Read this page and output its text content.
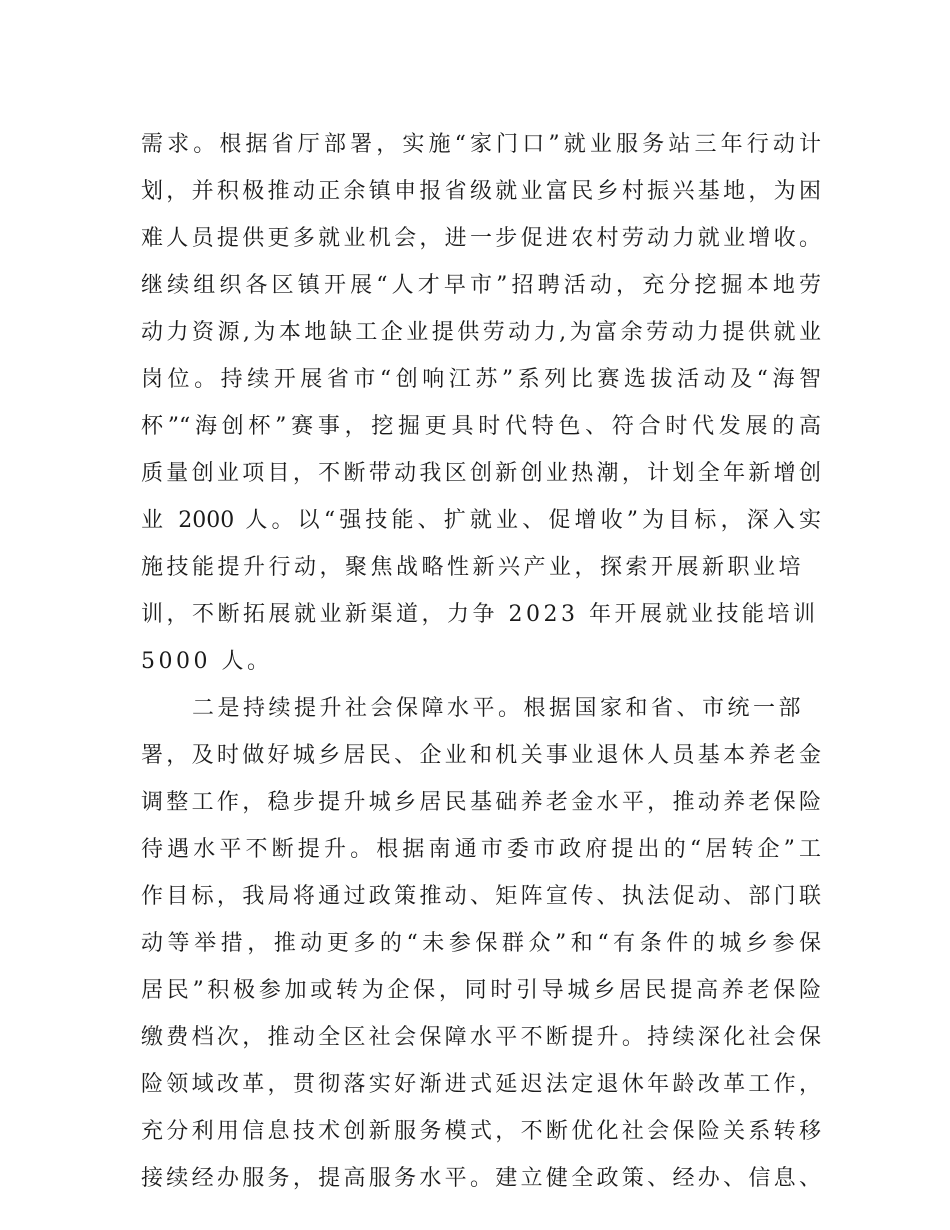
需求。根据省厅部署，实施“家门口”就业服务站三年行动计
划，并积极推动正余镇申报省级就业富民乡村振兴基地，为困
难人员提供更多就业机会，进一步促进农村劳动力就业增收。
继续组织各区镇开展“人才早市”招聘活动，充分挖掘本地劳
动力资源,为本地缺工企业提供劳动力,为富余劳动力提供就业
岗位。持续开展省市“创响江苏”系列比赛选拔活动及“海智
杯”“海创杯”赛事，挖掘更具时代特色、符合时代发展的高
质量创业项目，不断带动我区创新创业热潮，计划全年新增创
业 2000 人。以“强技能、扩就业、促增收”为目标，深入实
施技能提升行动，聚焦战略性新兴产业，探索开展新职业培
训，不断拓展就业新渠道，力争 2023 年开展就业技能培训
5000 人。
二是持续提升社会保障水平。根据国家和省、市统一部
署，及时做好城乡居民、企业和机关事业退休人员基本养老金
调整工作，稳步提升城乡居民基础养老金水平，推动养老保险
待遇水平不断提升。根据南通市委市政府提出的“居转企”工
作目标，我局将通过政策推动、矩阵宣传、执法促动、部门联
动等举措，推动更多的“未参保群众”和“有条件的城乡参保
居民”积极参加或转为企保，同时引导城乡居民提高养老保险
缴费档次，推动全区社会保障水平不断提升。持续深化社会保
险领域改革，贯彻落实好渐进式延迟法定退休年龄改革工作，
充分利用信息技术创新服务模式，不断优化社会保险关系转移
接续经办服务，提高服务水平。建立健全政策、经办、信息、
